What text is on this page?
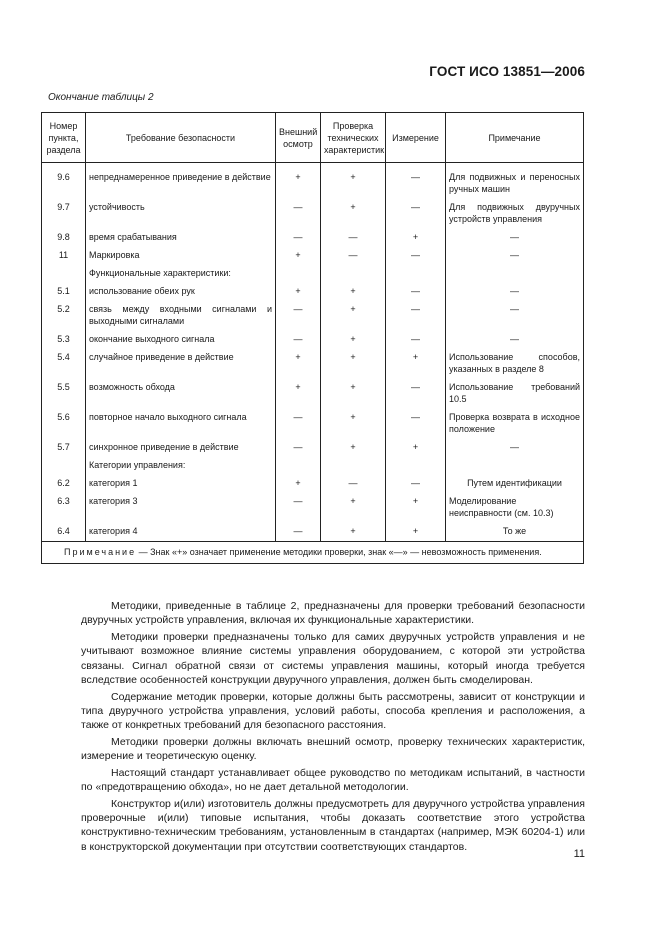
ГОСТ ИСО 13851—2006
Окончание таблицы 2
Номер пункта, раздела	Требование безопасности	Внешний осмотр	Проверка технических характеристик	Измерение	Примечание
9.6	непреднамеренное приведение в действие	+	+	—	Для подвижных и переносных ручных машин
9.7	устойчивость	—	+	—	Для подвижных двуручных устройств управления
9.8	время срабатывания	—	—	+	—
11	Маркировка	+	—	—	—
	Функциональные характеристики:				
5.1	использование обеих рук	+	+	—	—
5.2	связь между входными сигналами и выходными сигналами	—	+	—	—
5.3	окончание выходного сигнала	—	+	—	—
5.4	случайное приведение в действие	+	+	+	Использование способов, указанных в разделе 8
5.5	возможность обхода	+	+	—	Использование требований 10.5
5.6	повторное начало выходного сигнала	—	+	—	Проверка возврата в исходное положение
5.7	синхронное приведение в действие	—	+	+	—
	Категории управления:				
6.2	категория 1	+	—	—	Путем идентификации
6.3	категория 3	—	+	+	Моделирование неисправности (см. 10.3)
6.4	категория 4	—	+	+	То же
Примечание — Знак «+» означает применение методики проверки, знак «—» — невозможность применения.					

Методики, приведенные в таблице 2, предназначены для проверки требований безопасности двуручных устройств управления, включая их функциональные характеристики.

Методики проверки предназначены только для самих двуручных устройств управления и не учитывают возможное влияние системы управления оборудованием, с которой эти устройства связаны. Сигнал обратной связи от системы управления машины, который иногда требуется вследствие особенностей конструкции двуручного управления, должен быть смоделирован.

Содержание методик проверки, которые должны быть рассмотрены, зависит от конструкции и типа двуручного устройства управления, условий работы, способа крепления и расположения, а также от конкретных требований для безопасного расстояния.

Методики проверки должны включать внешний осмотр, проверку технических характеристик, измерение и теоретическую оценку.

Настоящий стандарт устанавливает общее руководство по методикам испытаний, в частности по «предотвращению обхода», но не дает детальной методологии.

Конструктор и(или) изготовитель должны предусмотреть для двуручного устройства управления проверочные и(или) типовые испытания, чтобы доказать соответствие этого устройства конструктивно-техническим требованиям, установленным в стандартах (например, МЭК 60204-1) или в конструкторской документации при отсутствии соответствующих стандартов.

11
